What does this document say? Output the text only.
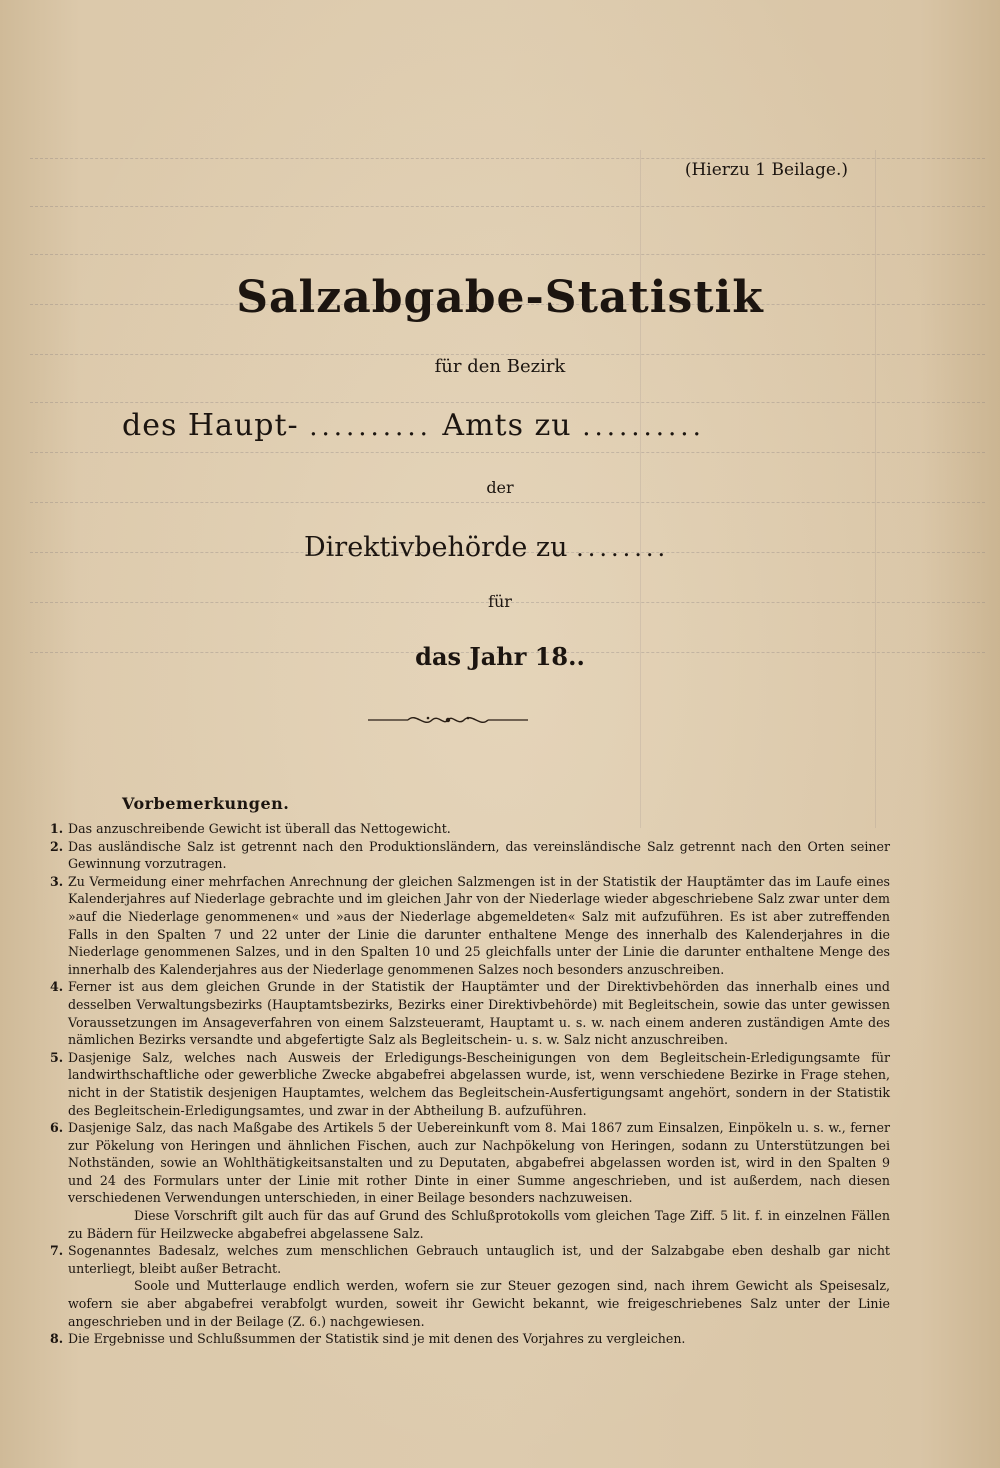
(Hierzu 1 Beilage.)
Salzabgabe-Statistik
für den Bezirk
des Haupt- .......... Amts zu ..........
der
Direktivbehörde zu ........
für
das Jahr 18..
Vorbemerkungen.
1. Das anzuschreibende Gewicht ist überall das Nettogewicht.

2. Das ausländische Salz ist getrennt nach den Produktionsländern, das vereinsländische Salz getrennt nach den Orten seiner Gewinnung vorzutragen.

3. Zu Vermeidung einer mehrfachen Anrechnung der gleichen Salzmengen ist in der Statistik der Hauptämter das im Laufe eines Kalenderjahres auf Niederlage gebrachte und im gleichen Jahr von der Niederlage wieder abgeschriebene Salz zwar unter dem »auf die Niederlage genommenen« und »aus der Niederlage abgemeldeten« Salz mit aufzuführen. Es ist aber zutreffenden Falls in den Spalten 7 und 22 unter der Linie die darunter enthaltene Menge des innerhalb des Kalenderjahres in die Niederlage genommenen Salzes, und in den Spalten 10 und 25 gleichfalls unter der Linie die darunter enthaltene Menge des innerhalb des Kalenderjahres aus der Niederlage genommenen Salzes noch besonders anzuschreiben.

4. Ferner ist aus dem gleichen Grunde in der Statistik der Hauptämter und der Direktivbehörden das innerhalb eines und desselben Verwaltungsbezirks (Hauptamtsbezirks, Bezirks einer Direktivbehörde) mit Begleitschein, sowie das unter gewissen Voraussetzungen im Ansageverfahren von einem Salzsteueramt, Hauptamt u. s. w. nach einem anderen zuständigen Amte des nämlichen Bezirks versandte und abgefertigte Salz als Begleitschein- u. s. w. Salz nicht anzuschreiben.

5. Dasjenige Salz, welches nach Ausweis der Erledigungs-Bescheinigungen von dem Begleitschein-Erledigungsamte für landwirthschaftliche oder gewerbliche Zwecke abgabefrei abgelassen wurde, ist, wenn verschiedene Bezirke in Frage stehen, nicht in der Statistik desjenigen Hauptamtes, welchem das Begleitschein-Ausfertigungsamt angehört, sondern in der Statistik des Begleitschein-Erledigungsamtes, und zwar in der Abtheilung B. aufzuführen.

6. Dasjenige Salz, das nach Maßgabe des Artikels 5 der Uebereinkunft vom 8. Mai 1867 zum Einsalzen, Einpökeln u. s. w., ferner zur Pökelung von Heringen und ähnlichen Fischen, auch zur Nachpökelung von Heringen, sodann zu Unterstützungen bei Nothständen, sowie an Wohlthätigkeitsanstalten und zu Deputaten, abgabefrei abgelassen worden ist, wird in den Spalten 9 und 24 des Formulars unter der Linie mit rother Dinte in einer Summe angeschrieben, und ist außerdem, nach diesen verschiedenen Verwendungen unterschieden, in einer Beilage besonders nachzuweisen.

Diese Vorschrift gilt auch für das auf Grund des Schlußprotokolls vom gleichen Tage Ziff. 5 lit. f. in einzelnen Fällen zu Bädern für Heilzwecke abgabefrei abgelassene Salz.

7. Sogenanntes Badesalz, welches zum menschlichen Gebrauch untauglich ist, und der Salzabgabe eben deshalb gar nicht unterliegt, bleibt außer Betracht.

Soole und Mutterlauge endlich werden, wofern sie zur Steuer gezogen sind, nach ihrem Gewicht als Speisesalz, wofern sie aber abgabefrei verabfolgt wurden, soweit ihr Gewicht bekannt, wie freigeschriebenes Salz unter der Linie angeschrieben und in der Beilage (Z. 6.) nachgewiesen.

8. Die Ergebnisse und Schlußsummen der Statistik sind je mit denen des Vorjahres zu vergleichen.
